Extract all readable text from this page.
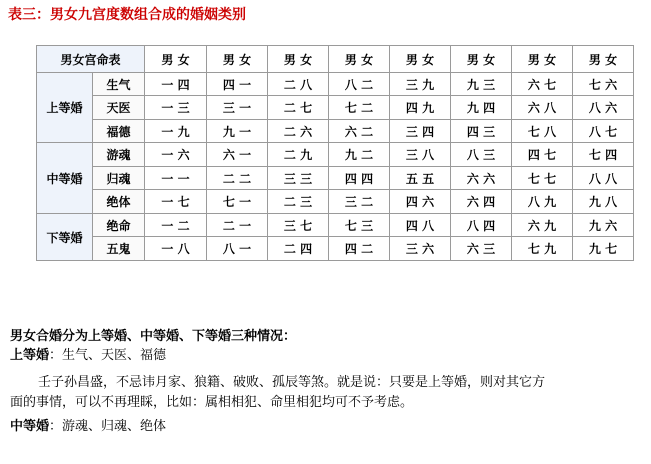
表三：男女九宫度数组合成的婚姻类别
男女宫命表		男 女	男 女	男 女	男 女	男 女	男 女	男 女	男 女
上等婚	生气	一 四	四 一	二 八	八 二	三 九	九 三	六 七	七 六
	天医	一 三	三 一	二 七	七 二	四 九	九 四	六 八	八 六
	福德	一 九	九 一	二 六	六 二	三 四	四 三	七 八	八 七
中等婚	游魂	一 六	六 一	二 九	九 二	三 八	八 三	四 七	七 四
	归魂	一 一	二 二	三 三	四 四	五 五	六 六	七 七	八 八
	绝体	一 七	七 一	二 三	三 二	四 六	六 四	八 九	九 八
下等婚	绝命	一 二	二 一	三 七	七 三	四 八	八 四	六 九	九 六
	五鬼	一 八	八 一	二 四	四 二	三 六	六 三	七 九	九 七
男女合婚分为上等婚、中等婚、下等婚三种情况：
上等婚：生气、天医、福德
壬子孙昌盛，不忌讳月家、狼籍、破败、孤辰等煞。就是说：只要是上等婚，则对其它方
面的事情，可以不再理睬，比如：属相相犯、命里相犯均可不予考虑。
中等婚：游魂、归魂、绝体
